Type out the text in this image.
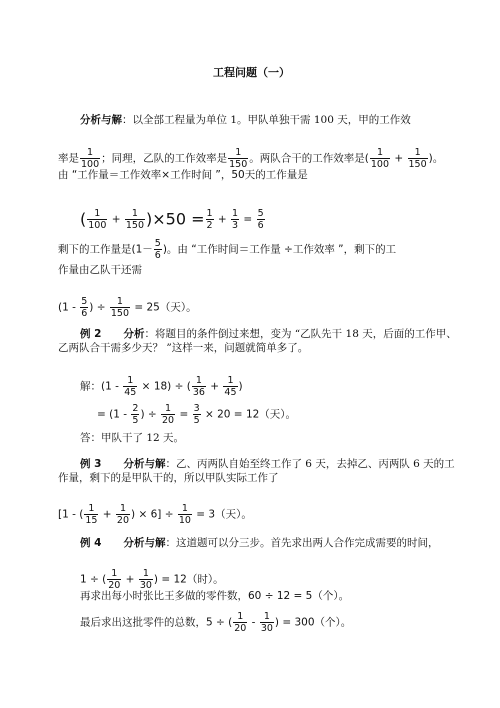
工程问题（一）
分析与解：以全部工程量为单位 1。甲队单独干需 100 天，甲的工作效
率是 $\frac{1}{100}$ ；同理，乙队的工作效率是 $\frac{1}{150}$ 。两队合干的工作效率是( $\frac{1}{100} + \frac{1}{150}$ )。
由 “工作量＝工作效率×工作时间 ”，50天的工作量是
( $\frac{1}{100} + \frac{1}{150} )\times 50 = \frac{1}{2} + \frac{1}{3} = \frac{5}{6}$
剩下的工作量是($1- \frac{5}{6}$ )。由 “工作时间＝工作量 ÷工作效率 ”，剩下的工
作量由乙队干还需
($1 - \frac{5}{6}$ ) ÷ $\frac{1}{150} = 25$（天）。
例 2 分析：将题目的条件倒过来想，变为 “乙队先干 18 天，后面的工作甲、
乙两队合干需多少天？ ”这样一来，问题就简单多了。
解：$(1 - \frac{1}{45} \times 18)$ ÷ ( $\frac{1}{36} + \frac{1}{45}$ )
= ($1 - \frac{2}{5}$ ) ÷ $\frac{1}{20} = \frac{3}{5} \times 20 = 12$（天）。
答：甲队干了 12 天。
例 3 分析与解：乙、丙两队自始至终工作了 6 天，去掉乙、丙两队 6 天的工
作量，剩下的是甲队干的，所以甲队实际工作了
[1 - ( $\frac{1}{15} + \frac{1}{20}$ ) × $6] \div \frac{1}{10} = 3$（天）。
例 4 分析与解：这道题可以分三步。首先求出两人合作完成需要的时间，
1 ÷ ( $\frac{1}{20} + \frac{1}{30}$ ) = 12（时）。
再求出每小时张比王多做的零件数，60 ÷ 12 = 5（个）。
最后求出这批零件的总数，5 ÷ ( $\frac{1}{20} - \frac{1}{30}$ ) = 300（个）。
